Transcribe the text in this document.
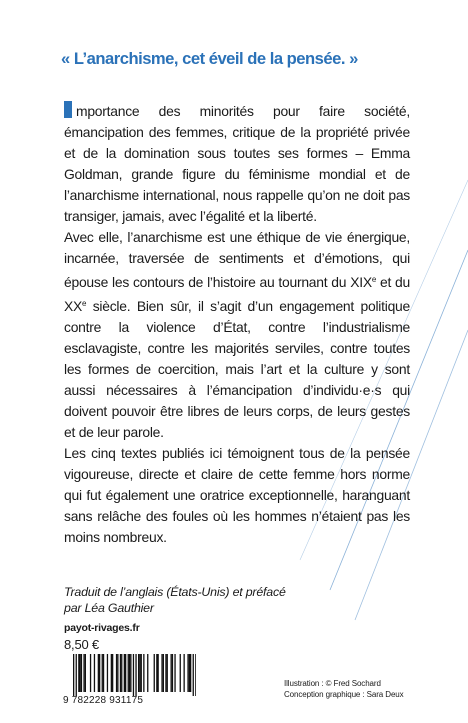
« L’anarchisme, cet éveil de la pensée. »

mportance des minorités pour faire société, émancipation des femmes, critique de la propriété privée et de la domination sous toutes ses formes – Emma Goldman, grande figure du féminisme mondial et de l’anarchisme international, nous rappelle qu’on ne doit pas transiger, jamais, avec l’égalité et la liberté.

Avec elle, l’anarchisme est une éthique de vie énergique, incarnée, traversée de sentiments et d’émotions, qui épouse les contours de l’histoire au tournant du XIXe et du XXe siècle. Bien sûr, il s’agit d’un engagement politique contre la violence d’État, contre l’industrialisme esclavagiste, contre les majorités serviles, contre toutes les formes de coercition, mais l’art et la culture y sont aussi nécessaires à l’émancipation d’individu·e·s qui doivent pouvoir être libres de leurs corps, de leurs gestes et de leur parole.

Les cinq textes publiés ici témoignent tous de la pensée vigoureuse, directe et claire de cette femme hors norme qui fut également une oratrice exceptionnelle, haranguant sans relâche des foules où les hommes n’étaient pas les moins nombreux.

Traduit de l’anglais (États-Unis) et préfacé
par Léa Gauthier
payot-rivages.fr
8,50 €
9 782228 931175
Illustration : © Fred Sochard
Conception graphique : Sara Deux
